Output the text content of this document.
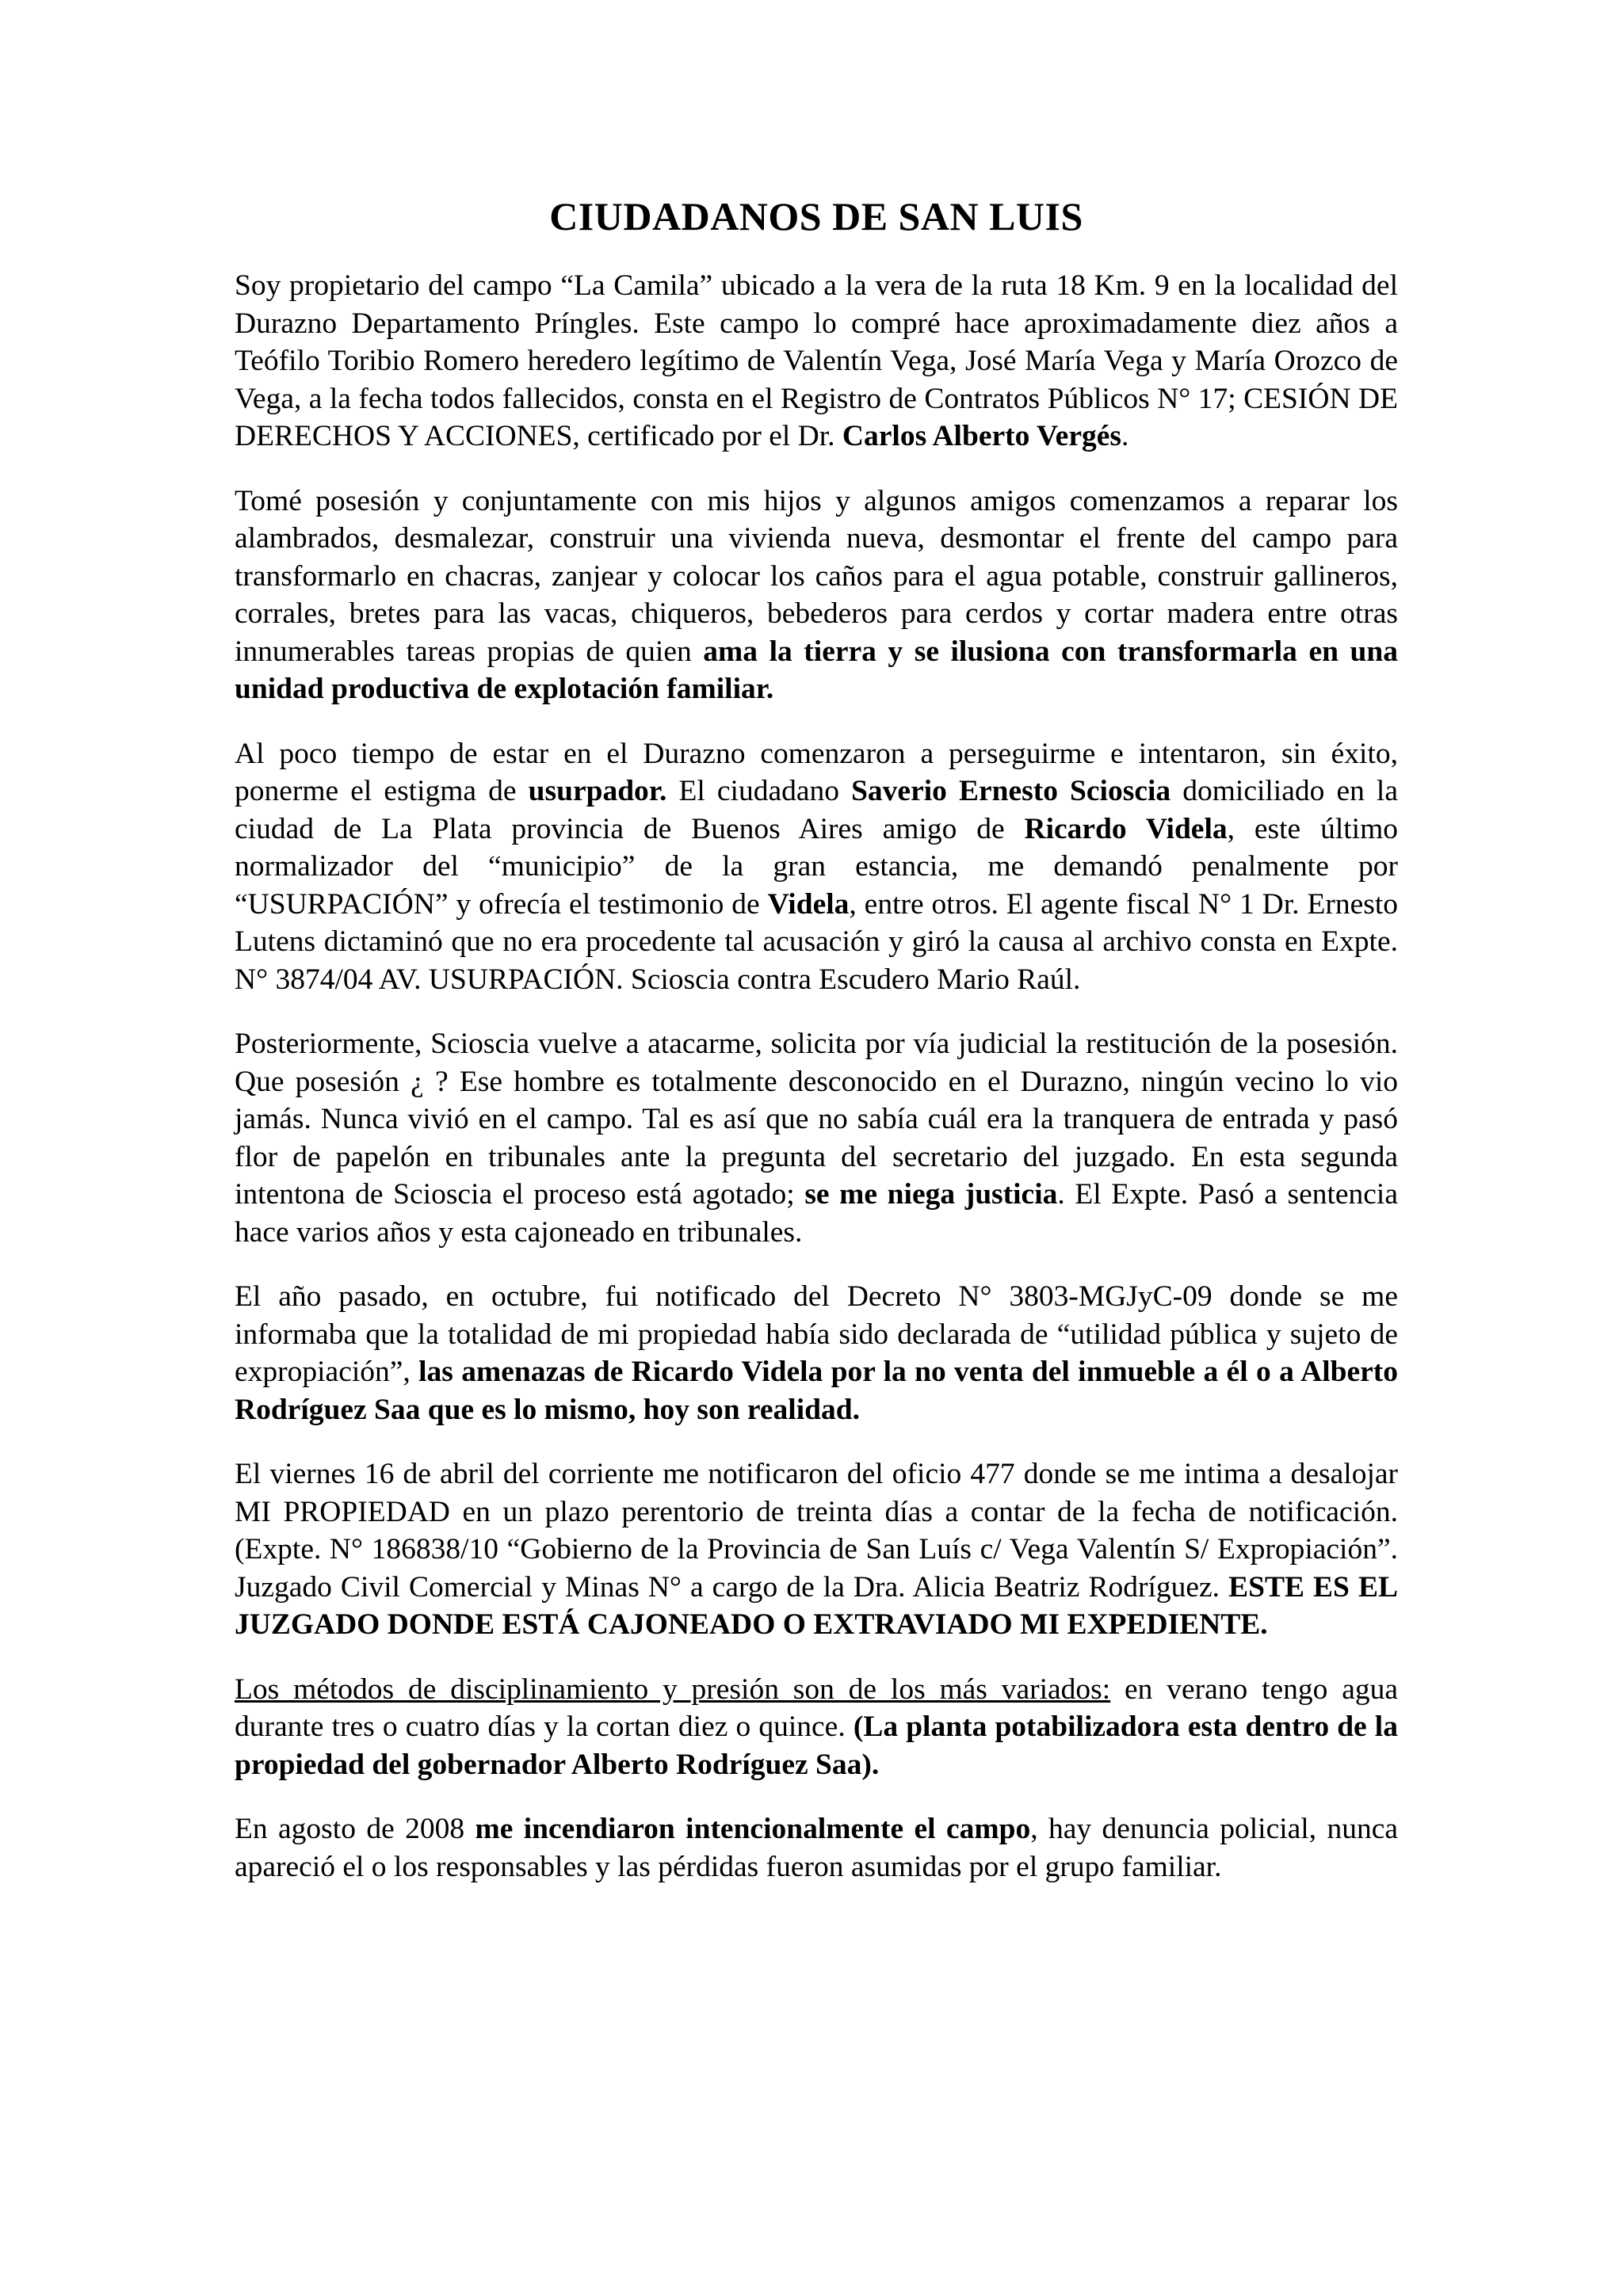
CIUDADANOS DE SAN LUIS

Soy propietario del campo “La Camila” ubicado a la vera de la ruta 18 Km. 9 en la localidad del Durazno Departamento Príngles. Este campo lo compré hace aproximadamente diez años a Teófilo Toribio Romero heredero legítimo de Valentín Vega, José María Vega y María Orozco de Vega, a la fecha todos fallecidos, consta en el Registro de Contratos Públicos N° 17; CESIÓN DE DERECHOS Y ACCIONES, certificado por el Dr. Carlos Alberto Vergés.

Tomé posesión y conjuntamente con mis hijos y algunos amigos comenzamos a reparar los alambrados, desmalezar, construir una vivienda nueva, desmontar el frente del campo para transformarlo en chacras, zanjear y colocar los caños para el agua potable, construir gallineros, corrales, bretes para las vacas, chiqueros, bebederos para cerdos y cortar madera entre otras innumerables tareas propias de quien ama la tierra y se ilusiona con transformarla en una unidad productiva de explotación familiar.

Al poco tiempo de estar en el Durazno comenzaron a perseguirme e intentaron, sin éxito, ponerme el estigma de usurpador. El ciudadano Saverio Ernesto Scioscia domiciliado en la ciudad de La Plata provincia de Buenos Aires amigo de Ricardo Videla, este último normalizador del “municipio” de la gran estancia, me demandó penalmente por “USURPACIÓN” y ofrecía el testimonio de Videla, entre otros. El agente fiscal N° 1 Dr. Ernesto Lutens dictaminó que no era procedente tal acusación y giró la causa al archivo consta en Expte. N° 3874/04 AV. USURPACIÓN. Scioscia contra Escudero Mario Raúl.

Posteriormente, Scioscia vuelve a atacarme, solicita por vía judicial la restitución de la posesión. Que posesión ¿ ? Ese hombre es totalmente desconocido en el Durazno, ningún vecino lo vio jamás. Nunca vivió en el campo. Tal es así que no sabía cuál era la tranquera de entrada y pasó flor de papelón en tribunales ante la pregunta del secretario del juzgado. En esta segunda intentona de Scioscia el proceso está agotado; se me niega justicia. El Expte. Pasó a sentencia hace varios años y esta cajoneado en tribunales.

El año pasado, en octubre, fui notificado del Decreto N° 3803-MGJyC-09 donde se me informaba que la totalidad de mi propiedad había sido declarada de “utilidad pública y sujeto de expropiación”, las amenazas de Ricardo Videla por la no venta del inmueble a él o a Alberto Rodríguez Saa que es lo mismo, hoy son realidad.

El viernes 16 de abril del corriente me notificaron del oficio 477 donde se me intima a desalojar MI PROPIEDAD en un plazo perentorio de treinta días a contar de la fecha de notificación. (Expte. N° 186838/10 “Gobierno de la Provincia de San Luís c/ Vega Valentín S/ Expropiación”. Juzgado Civil Comercial y Minas N° a cargo de la Dra. Alicia Beatriz Rodríguez. ESTE ES EL JUZGADO DONDE ESTÁ CAJONEADO O EXTRAVIADO MI EXPEDIENTE.

Los métodos de disciplinamiento y presión son de los más variados: en verano tengo agua durante tres o cuatro días y la cortan diez o quince. (La planta potabilizadora esta dentro de la propiedad del gobernador Alberto Rodríguez Saa).

En agosto de 2008 me incendiaron intencionalmente el campo, hay denuncia policial, nunca apareció el o los responsables y las pérdidas fueron asumidas por el grupo familiar.
